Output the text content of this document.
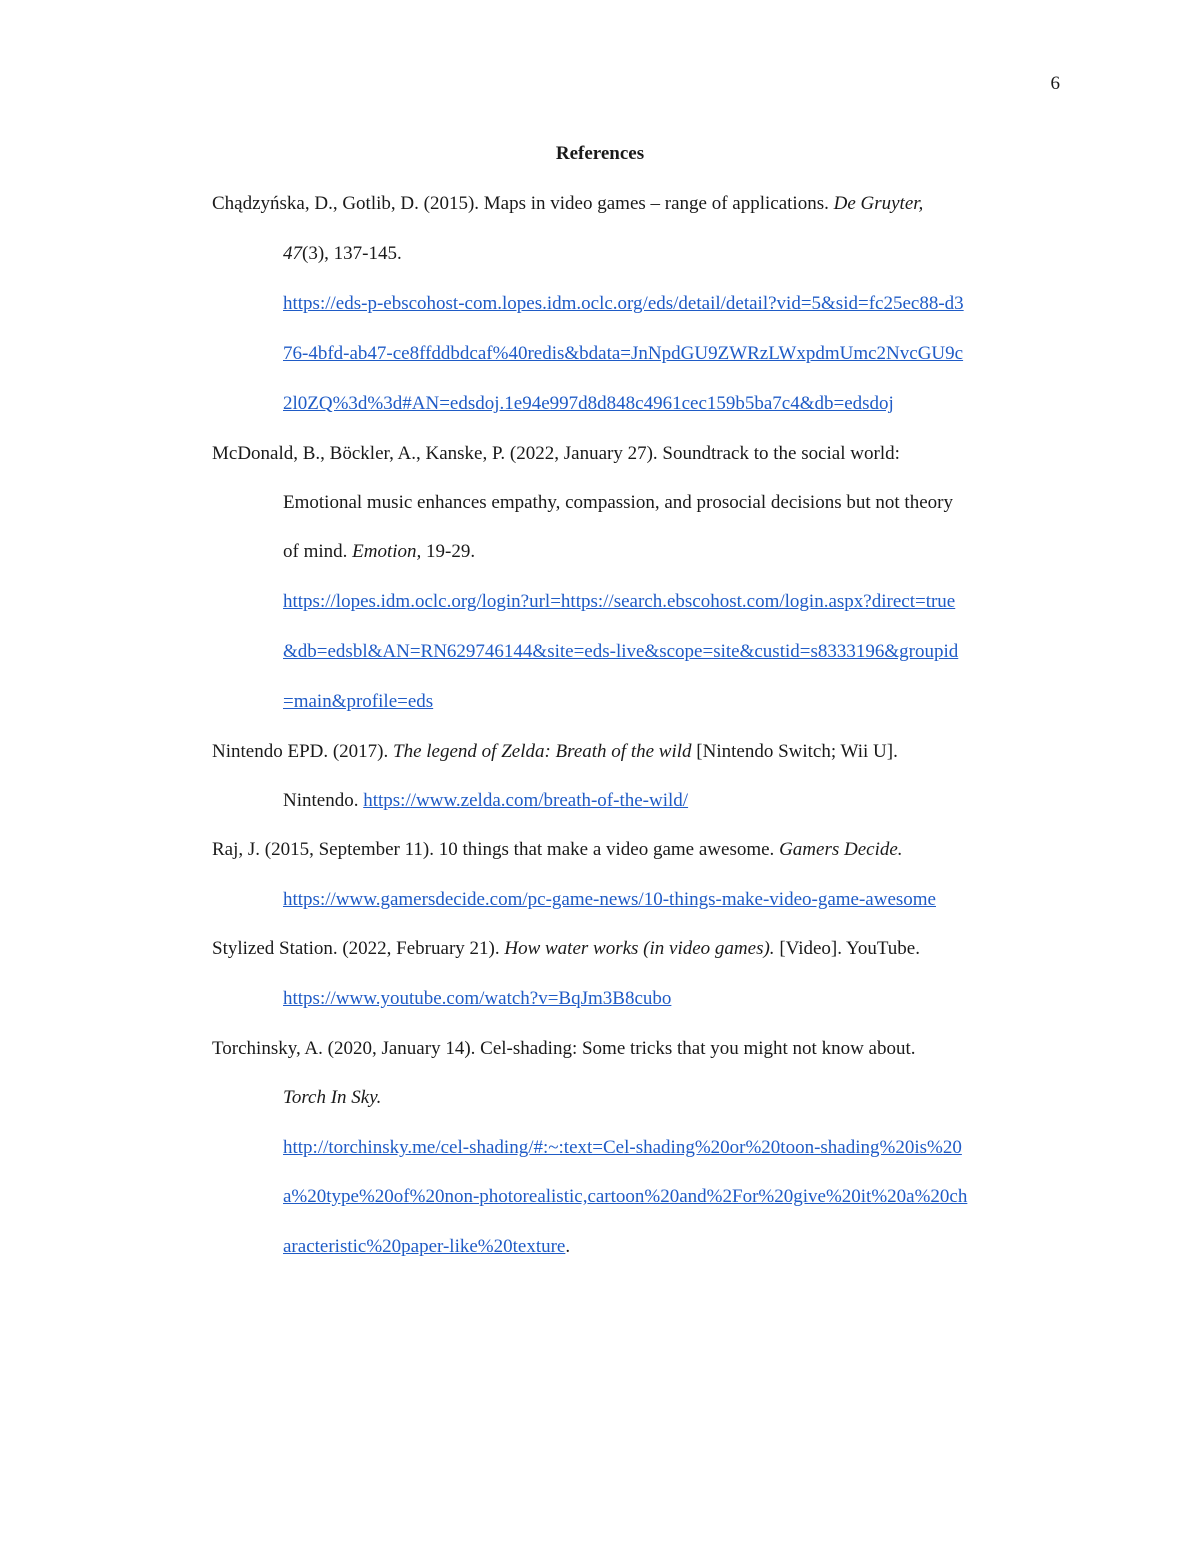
6
References
Chądzyńska, D., Gotlib, D. (2015). Maps in video games – range of applications. De Gruyter,
47(3), 137-145.
https://eds-p-ebscohost-com.lopes.idm.oclc.org/eds/detail/detail?vid=5&sid=fc25ec88-d3
76-4bfd-ab47-ce8ffddbdcaf%40redis&bdata=JnNpdGU9ZWRzLWxpdmUmc2NvcGU9c
2l0ZQ%3d%3d#AN=edsdoj.1e94e997d8d848c4961cec159b5ba7c4&db=edsdoj
McDonald, B., Böckler, A., Kanske, P. (2022, January 27). Soundtrack to the social world:
Emotional music enhances empathy, compassion, and prosocial decisions but not theory
of mind. Emotion, 19-29.
https://lopes.idm.oclc.org/login?url=https://search.ebscohost.com/login.aspx?direct=true
&db=edsbl&AN=RN629746144&site=eds-live&scope=site&custid=s8333196&groupid
=main&profile=eds
Nintendo EPD. (2017). The legend of Zelda: Breath of the wild [Nintendo Switch; Wii U].
Nintendo. https://www.zelda.com/breath-of-the-wild/
Raj, J. (2015, September 11). 10 things that make a video game awesome. Gamers Decide.
https://www.gamersdecide.com/pc-game-news/10-things-make-video-game-awesome
Stylized Station. (2022, February 21). How water works (in video games). [Video]. YouTube.
https://www.youtube.com/watch?v=BqJm3B8cubo
Torchinsky, A. (2020, January 14). Cel-shading: Some tricks that you might not know about.
Torch In Sky.
http://torchinsky.me/cel-shading/#:~:text=Cel-shading%20or%20toon-shading%20is%20
a%20type%20of%20non-photorealistic,cartoon%20and%2For%20give%20it%20a%20ch
aracteristic%20paper-like%20texture.
